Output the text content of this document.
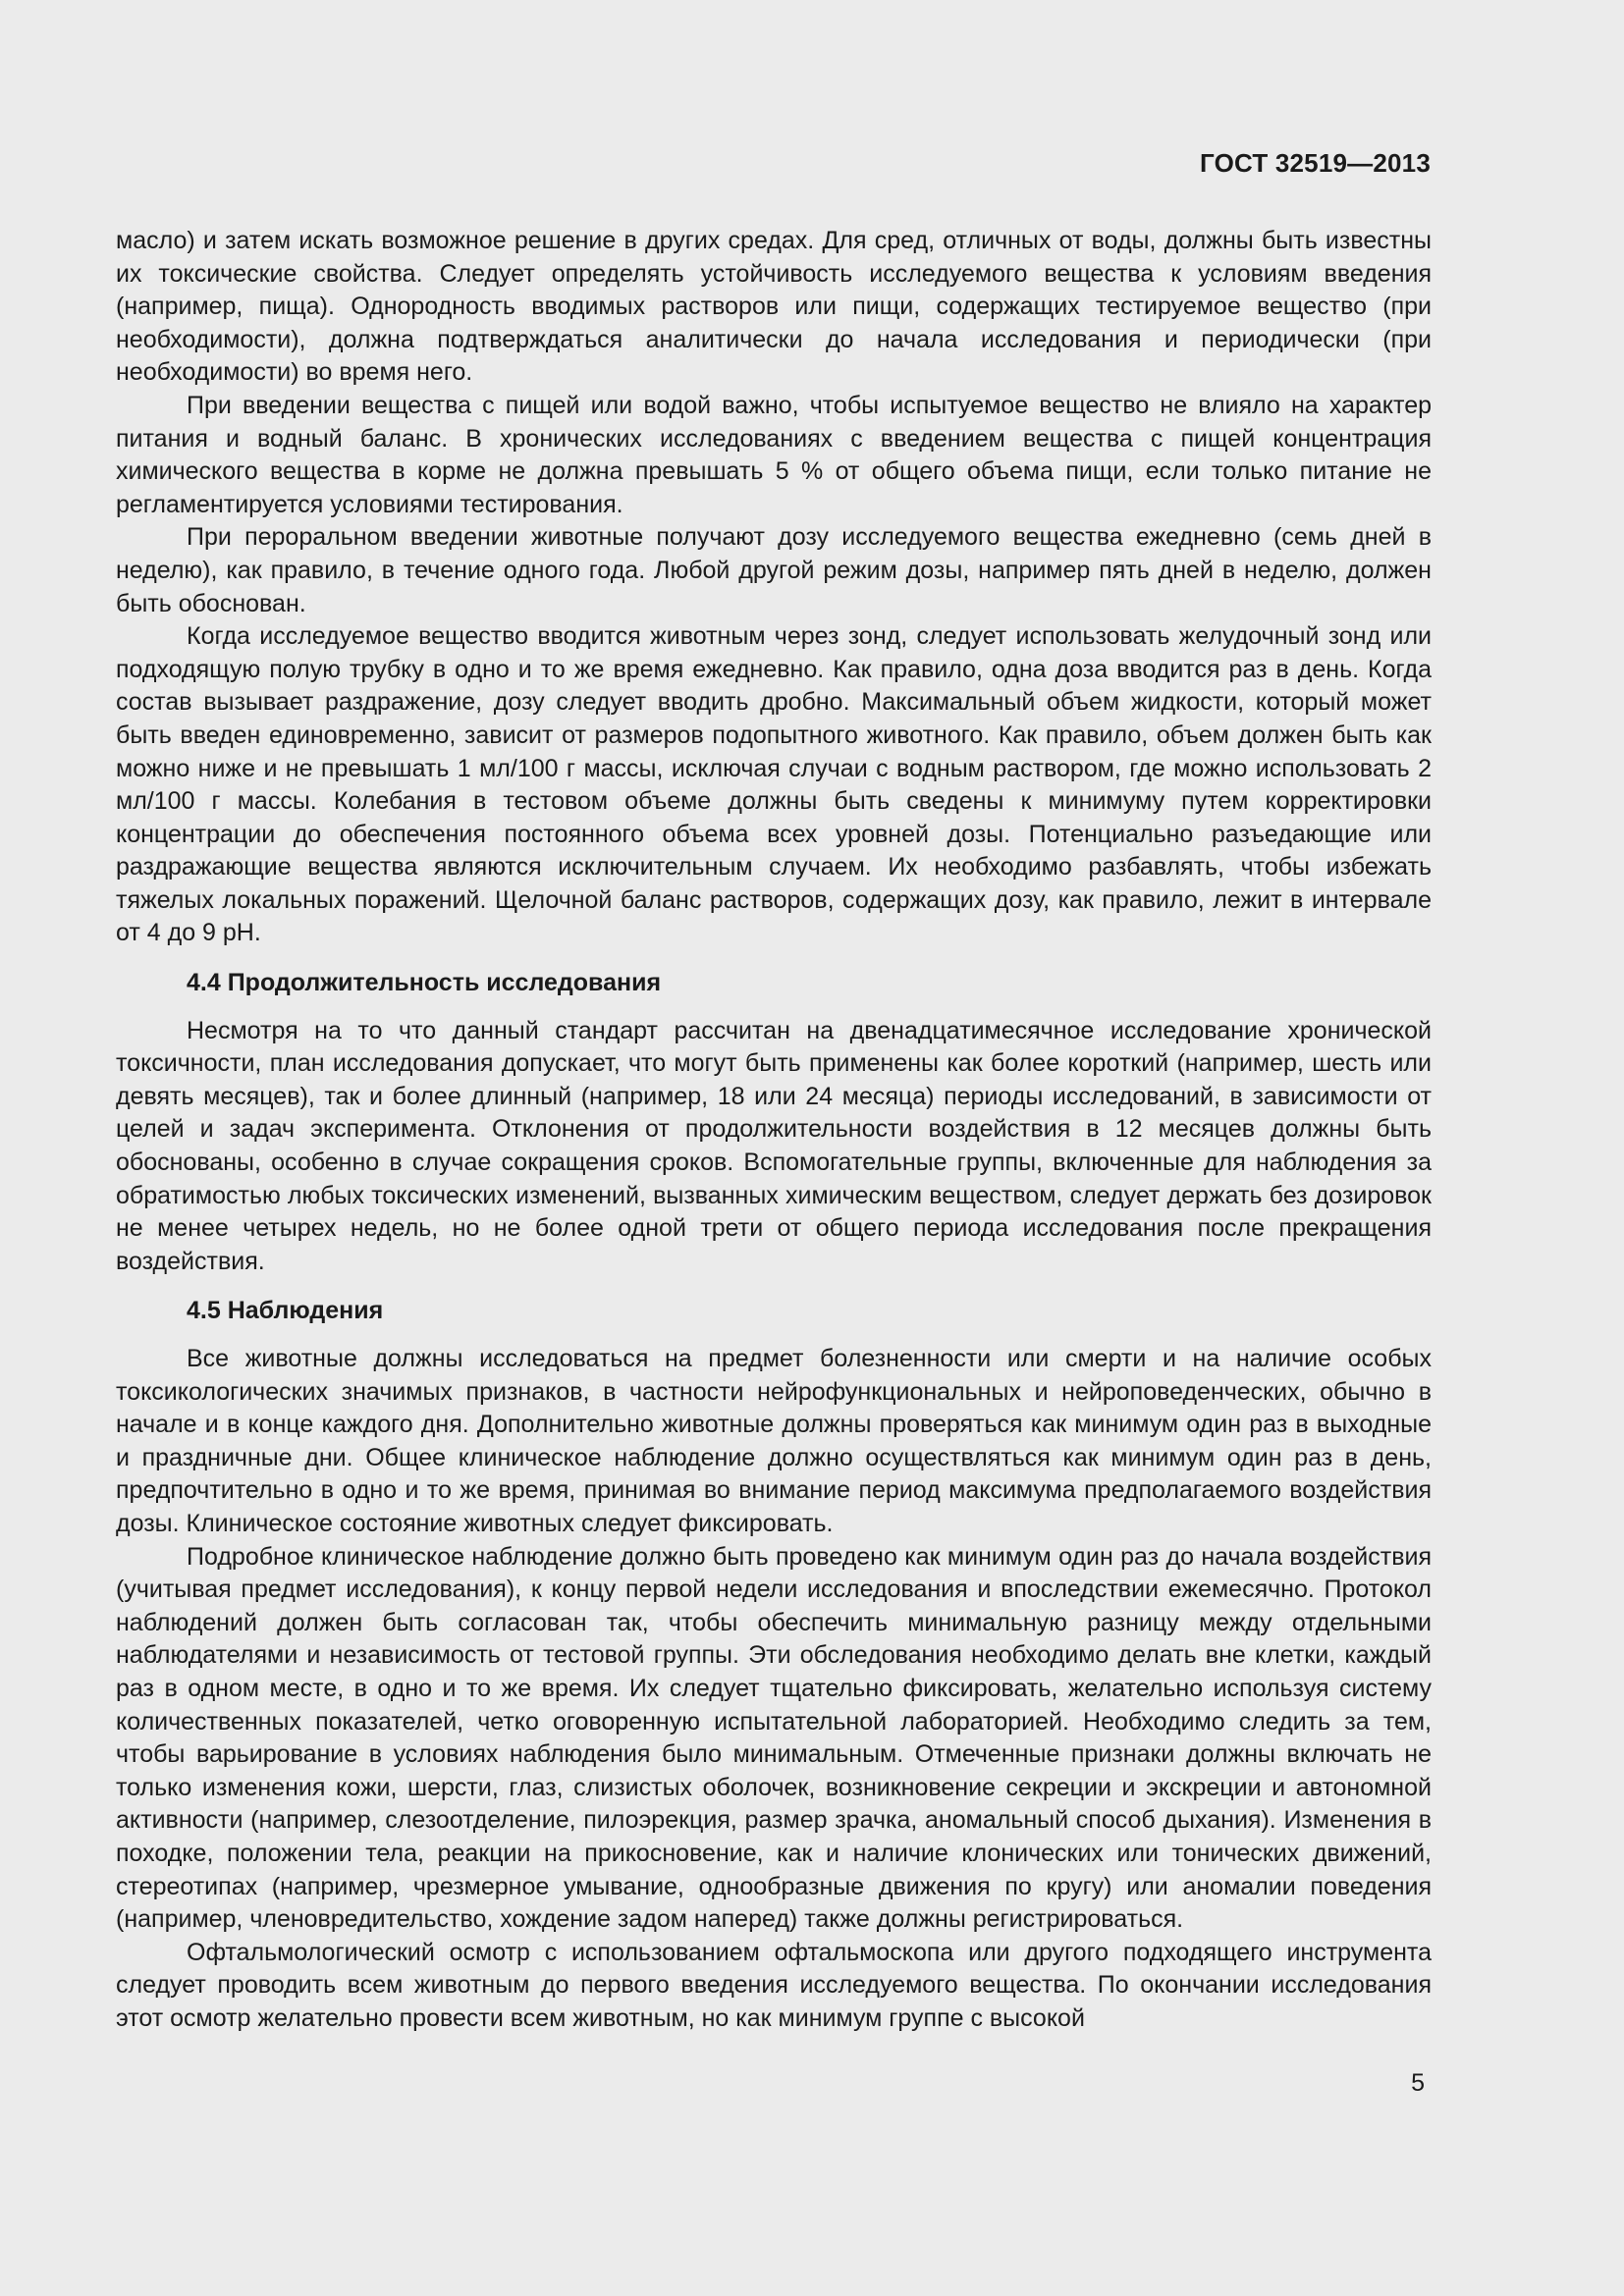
ГОСТ 32519—2013

масло) и затем искать возможное решение в других средах. Для сред, отличных от воды, должны быть известны их токсические свойства. Следует определять устойчивость исследуемого вещества к условиям введения (например, пища). Однородность вводимых растворов или пищи, содержащих тестируемое вещество (при необходимости), должна подтверждаться аналитически до начала исследования и периодически (при необходимости) во время него.

При введении вещества с пищей или водой важно, чтобы испытуемое вещество не влияло на характер питания и водный баланс. В хронических исследованиях с введением вещества с пищей концентрация химического вещества в корме не должна превышать 5 % от общего объема пищи, если только питание не регламентируется условиями тестирования.

При пероральном введении животные получают дозу исследуемого вещества ежедневно (семь дней в неделю), как правило, в течение одного года. Любой другой режим дозы, например пять дней в неделю, должен быть обоснован.

Когда исследуемое вещество вводится животным через зонд, следует использовать желудочный зонд или подходящую полую трубку в одно и то же время ежедневно. Как правило, одна доза вводится раз в день. Когда состав вызывает раздражение, дозу следует вводить дробно. Максимальный объем жидкости, который может быть введен единовременно, зависит от размеров подопытного животного. Как правило, объем должен быть как можно ниже и не превышать 1 мл/100 г массы, исключая случаи с водным раствором, где можно использовать 2 мл/100 г массы. Колебания в тестовом объеме должны быть сведены к минимуму путем корректировки концентрации до обеспечения постоянного объема всех уровней дозы. Потенциально разъедающие или раздражающие вещества являются исключительным случаем. Их необходимо разбавлять, чтобы избежать тяжелых локальных поражений. Щелочной баланс растворов, содержащих дозу, как правило, лежит в интервале от 4 до 9 pH.

4.4 Продолжительность исследования

Несмотря на то что данный стандарт рассчитан на двенадцатимесячное исследование хронической токсичности, план исследования допускает, что могут быть применены как более короткий (например, шесть или девять месяцев), так и более длинный (например, 18 или 24 месяца) периоды исследований, в зависимости от целей и задач эксперимента. Отклонения от продолжительности воздействия в 12 месяцев должны быть обоснованы, особенно в случае сокращения сроков. Вспомогательные группы, включенные для наблюдения за обратимостью любых токсических изменений, вызванных химическим веществом, следует держать без дозировок не менее четырех недель, но не более одной трети от общего периода исследования после прекращения воздействия.

4.5 Наблюдения

Все животные должны исследоваться на предмет болезненности или смерти и на наличие особых токсикологических значимых признаков, в частности нейрофункциональных и нейроповеденческих, обычно в начале и в конце каждого дня. Дополнительно животные должны проверяться как минимум один раз в выходные и праздничные дни. Общее клиническое наблюдение должно осуществляться как минимум один раз в день, предпочтительно в одно и то же время, принимая во внимание период максимума предполагаемого воздействия дозы. Клиническое состояние животных следует фиксировать.

Подробное клиническое наблюдение должно быть проведено как минимум один раз до начала воздействия (учитывая предмет исследования), к концу первой недели исследования и впоследствии ежемесячно. Протокол наблюдений должен быть согласован так, чтобы обеспечить минимальную разницу между отдельными наблюдателями и независимость от тестовой группы. Эти обследования необходимо делать вне клетки, каждый раз в одном месте, в одно и то же время. Их следует тщательно фиксировать, желательно используя систему количественных показателей, четко оговоренную испытательной лабораторией. Необходимо следить за тем, чтобы варьирование в условиях наблюдения было минимальным. Отмеченные признаки должны включать не только изменения кожи, шерсти, глаз, слизистых оболочек, возникновение секреции и экскреции и автономной активности (например, слезоотделение, пилоэрекция, размер зрачка, аномальный способ дыхания). Изменения в походке, положении тела, реакции на прикосновение, как и наличие клонических или тонических движений, стереотипах (например, чрезмерное умывание, однообразные движения по кругу) или аномалии поведения (например, членовредительство, хождение задом наперед) также должны регистрироваться.

Офтальмологический осмотр с использованием офтальмоскопа или другого подходящего инструмента следует проводить всем животным до первого введения исследуемого вещества. По окончании исследования этот осмотр желательно провести всем животным, но как минимум группе с высокой

5
